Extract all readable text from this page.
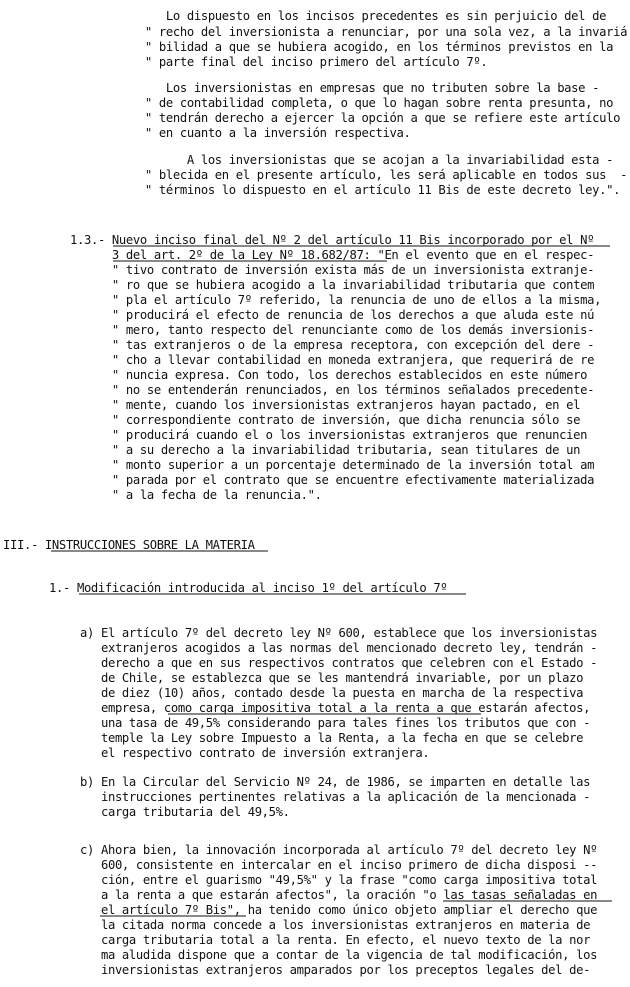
Lo dispuesto en los incisos precedentes es sin perjuicio del de
" recho del inversionista a renunciar, por una sola vez, a la invariá
" bilidad a que se hubiera acogido, en los términos previstos en la
" parte final del inciso primero del artículo 7º.
Los inversionistas en empresas que no tributen sobre la base -
" de contabilidad completa, o que lo hagan sobre renta presunta, no
" tendrán derecho a ejercer la opción a que se refiere este artículo
" en cuanto a la inversión respectiva.
A los inversionistas que se acojan a la invariabilidad esta -
" blecida en el presente artículo, les será aplicable en todos sus  -
" términos lo dispuesto en el artículo 11 Bis de este decreto ley.".
1.3.- Nuevo inciso final del Nº 2 del artículo 11 Bis incorporado por el Nº
3 del art. 2º de la Ley Nº 18.682/87: "En el evento que en el respec-
" tivo contrato de inversión exista más de un inversionista extranje-
" ro que se hubiera acogido a la invariabilidad tributaria que contem
" pla el artículo 7º referido, la renuncia de uno de ellos a la misma,
" producirá el efecto de renuncia de los derechos a que aluda este nú
" mero, tanto respecto del renunciante como de los demás inversionis-
" tas extranjeros o de la empresa receptora, con excepción del dere -
" cho a llevar contabilidad en moneda extranjera, que requerirá de re
" nuncia expresa. Con todo, los derechos establecidos en este número
" no se entenderán renunciados, en los términos señalados precedente-
" mente, cuando los inversionistas extranjeros hayan pactado, en el
" correspondiente contrato de inversión, que dicha renuncia sólo se
" producirá cuando el o los inversionistas extranjeros que renuncien
" a su derecho a la invariabilidad tributaria, sean titulares de un
" monto superior a un porcentaje determinado de la inversión total am
" parada por el contrato que se encuentre efectivamente materializada
" a la fecha de la renuncia.".
III.- INSTRUCCIONES SOBRE LA MATERIA
1.- Modificación introducida al inciso 1º del artículo 7º
a) El artículo 7º del decreto ley Nº 600, establece que los inversionistas
extranjeros acogidos a las normas del mencionado decreto ley, tendrán -
derecho a que en sus respectivos contratos que celebren con el Estado -
de Chile, se establezca que se les mantendrá invariable, por un plazo
de diez (10) años, contado desde la puesta en marcha de la respectiva
empresa, como carga impositiva total a la renta a que estarán afectos,
una tasa de 49,5% considerando para tales fines los tributos que con -
temple la Ley sobre Impuesto a la Renta, a la fecha en que se celebre
el respectivo contrato de inversión extranjera.
b) En la Circular del Servicio Nº 24, de 1986, se imparten en detalle las
instrucciones pertinentes relativas a la aplicación de la mencionada -
carga tributaria del 49,5%.
c) Ahora bien, la innovación incorporada al artículo 7º del decreto ley Nº
600, consistente en intercalar en el inciso primero de dicha disposi --
ción, entre el guarismo "49,5%" y la frase "como carga impositiva total
a la renta a que estarán afectos", la oración "o las tasas señaladas en
el artículo 7º Bis", ha tenido como único objeto ampliar el derecho que
la citada norma concede a los inversionistas extranjeros en materia de
carga tributaria total a la renta. En efecto, el nuevo texto de la nor
ma aludida dispone que a contar de la vigencia de tal modificación, los
inversionistas extranjeros amparados por los preceptos legales del de-
